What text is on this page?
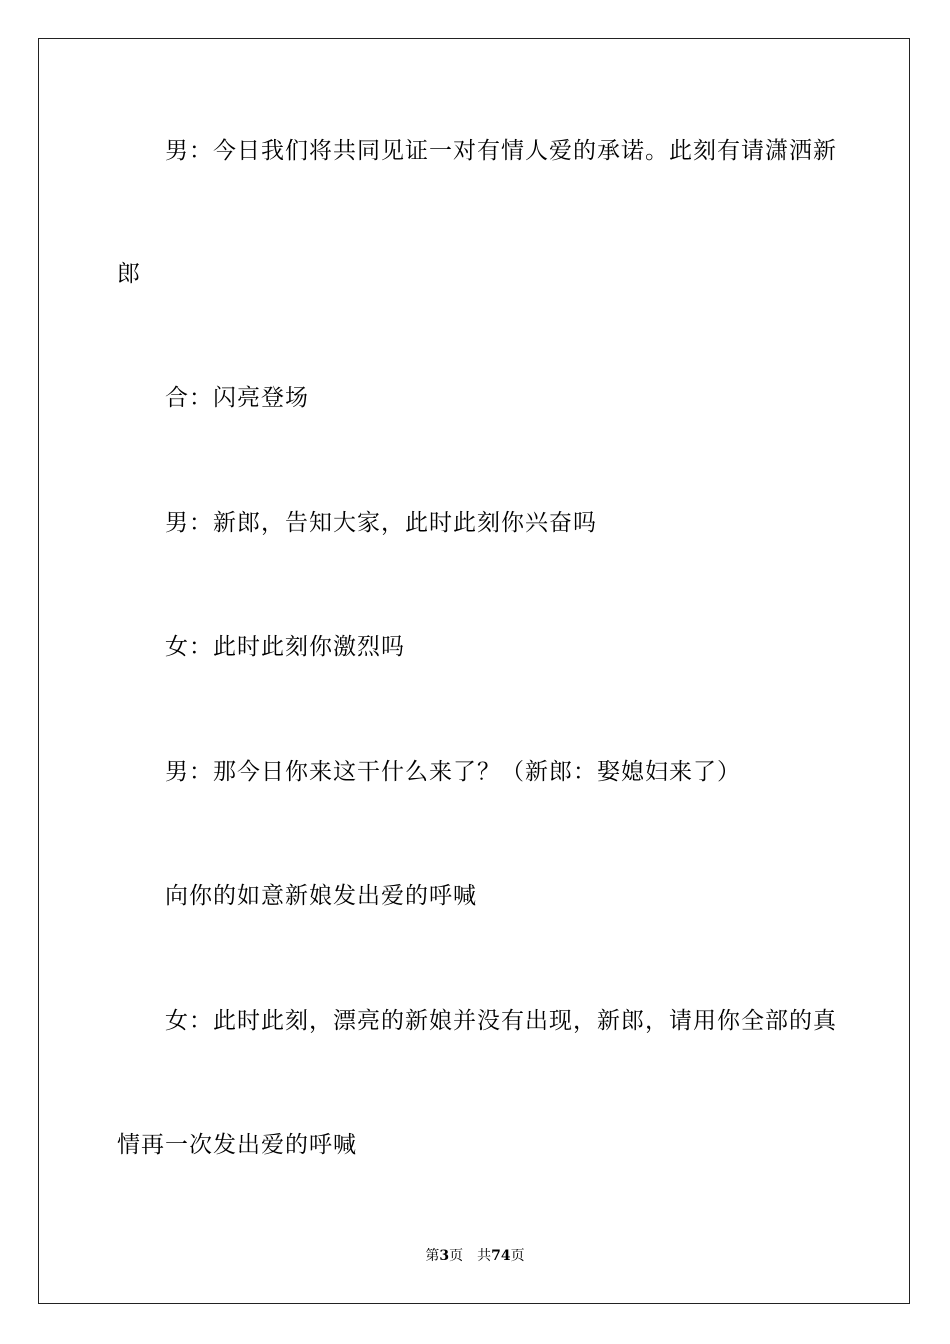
男：今日我们将共同见证一对有情人爱的承诺。此刻有请潇洒新
郎
合：闪亮登场
男：新郎，告知大家，此时此刻你兴奋吗
女：此时此刻你激烈吗
男：那今日你来这干什么来了？（新郎：娶媳妇来了）
向你的如意新娘发出爱的呼喊
女：此时此刻，漂亮的新娘并没有出现，新郎，请用你全部的真
情再一次发出爱的呼喊
第3页 共74页
